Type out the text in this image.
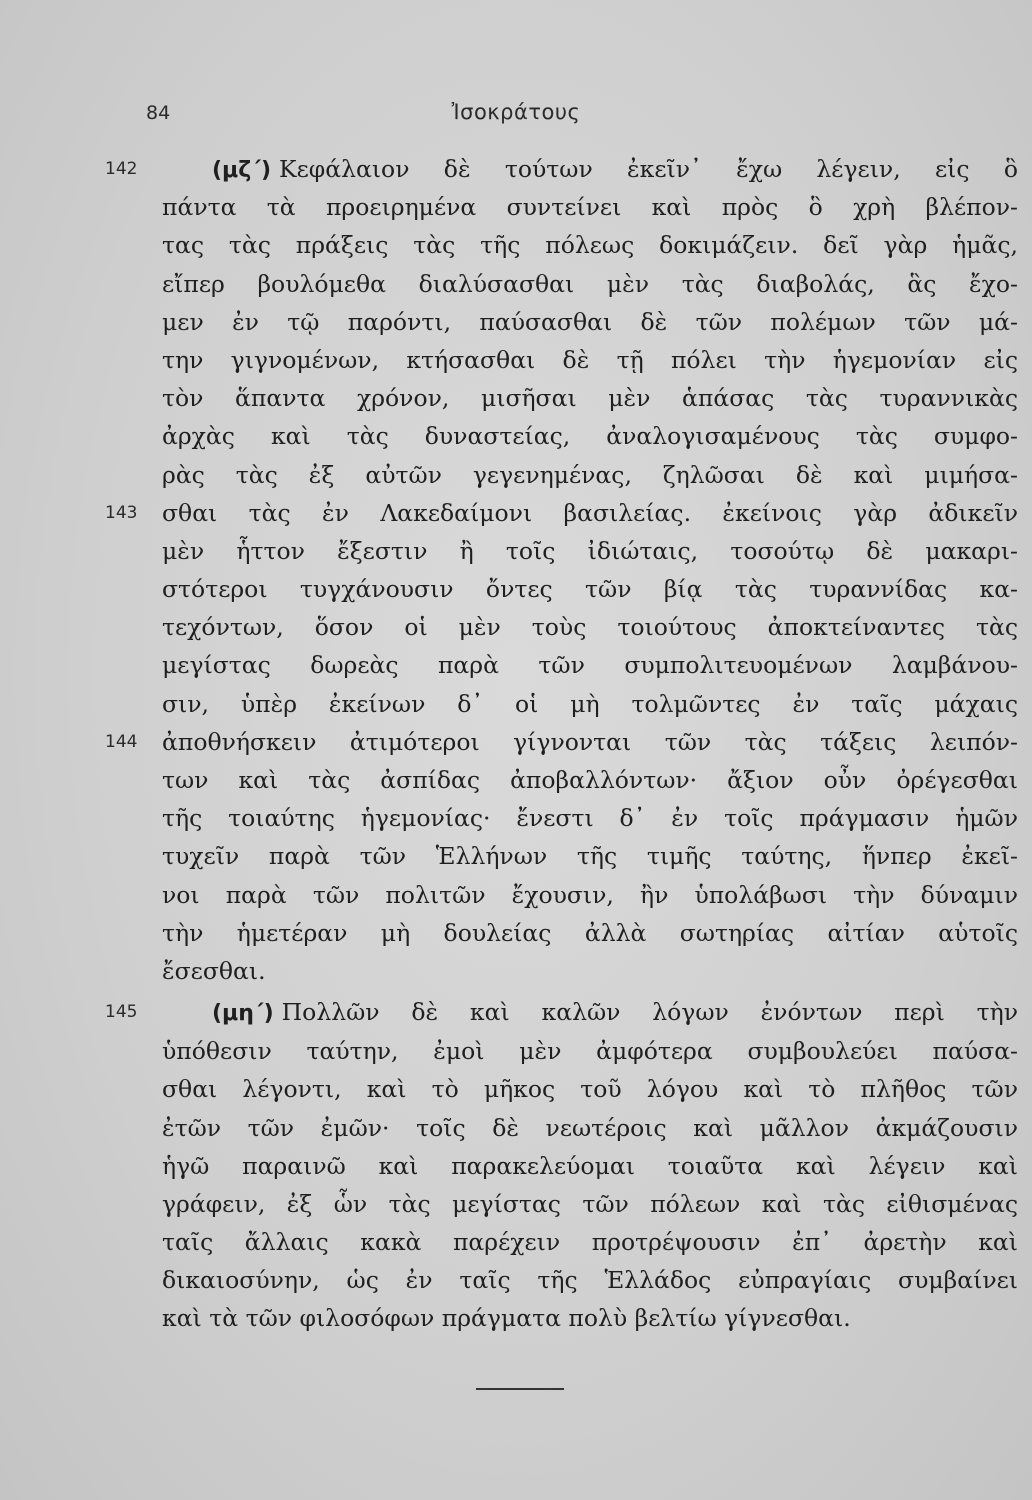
84	Ἰσοκράτους
142	(μζ΄) Κεφάλαιον δὲ τούτων ἐκεῖν᾽ ἔχω λέγειν, εἰς ὃ
πάντα τὰ προειρημένα συντείνει καὶ πρὸς ὃ χρὴ βλέπον-
τας τὰς πράξεις τὰς τῆς πόλεως δοκιμάζειν. δεῖ γὰρ ἡμᾶς,
εἴπερ βουλόμεθα διαλύσασθαι μὲν τὰς διαβολάς, ἃς ἔχο-
μεν ἐν τῷ παρόντι, παύσασθαι δὲ τῶν πολέμων τῶν μά-
την γιγνομένων, κτήσασθαι δὲ τῇ πόλει τὴν ἡγεμονίαν εἰς
τὸν ἅπαντα χρόνον, μισῆσαι μὲν ἁπάσας τὰς τυραννικὰς
ἀρχὰς καὶ τὰς δυναστείας, ἀναλογισαμένους τὰς συμφο-
ρὰς τὰς ἐξ αὐτῶν γεγενημένας, ζηλῶσαι δὲ καὶ μιμήσα-
143 σθαι τὰς ἐν Λακεδαίμονι βασιλείας. ἐκείνοις γὰρ ἀδικεῖν
μὲν ἧττον ἔξεστιν ἢ τοῖς ἰδιώταις, τοσούτῳ δὲ μακαρι-
στότεροι τυγχάνουσιν ὄντες τῶν βίᾳ τὰς τυραννίδας κα-
τεχόντων, ὅσον οἱ μὲν τοὺς τοιούτους ἀποκτείναντες τὰς
μεγίστας δωρεὰς παρὰ τῶν συμπολιτευομένων λαμβάνου-
σιν, ὑπὲρ ἐκείνων δ᾽ οἱ μὴ τολμῶντες ἐν ταῖς μάχαις
144 ἀποθνήσκειν ἀτιμότεροι γίγνονται τῶν τὰς τάξεις λειπόν-
των καὶ τὰς ἀσπίδας ἀποβαλλόντων· ἄξιον οὖν ὀρέγεσθαι
τῆς τοιαύτης ἡγεμονίας· ἔνεστι δ᾽ ἐν τοῖς πράγμασιν ἡμῶν
τυχεῖν παρὰ τῶν Ἑλλήνων τῆς τιμῆς ταύτης, ἥνπερ ἐκεῖ-
νοι παρὰ τῶν πολιτῶν ἔχουσιν, ἢν ὑπολάβωσι τὴν δύναμιν
τὴν ἡμετέραν μὴ δουλείας ἀλλὰ σωτηρίας αἰτίαν αὑτοῖς
ἔσεσθαι.
145	(μη΄) Πολλῶν δὲ καὶ καλῶν λόγων ἐνόντων περὶ τὴν
ὑπόθεσιν ταύτην, ἐμοὶ μὲν ἀμφότερα συμβουλεύει παύσα-
σθαι λέγοντι, καὶ τὸ μῆκος τοῦ λόγου καὶ τὸ πλῆθος τῶν
ἐτῶν τῶν ἐμῶν· τοῖς δὲ νεωτέροις καὶ μᾶλλον ἀκμάζουσιν
ἡγῶ παραινῶ καὶ παρακελεύομαι τοιαῦτα καὶ λέγειν καὶ
γράφειν, ἐξ ὧν τὰς μεγίστας τῶν πόλεων καὶ τὰς εἰθισμένας
ταῖς ἄλλαις κακὰ παρέχειν προτρέψουσιν ἐπ᾽ ἀρετὴν καὶ
δικαιοσύνην, ὡς ἐν ταῖς τῆς Ἑλλάδος εὐπραγίαις συμβαίνει
καὶ τὰ τῶν φιλοσόφων πράγματα πολὺ βελτίω γίγνεσθαι.
